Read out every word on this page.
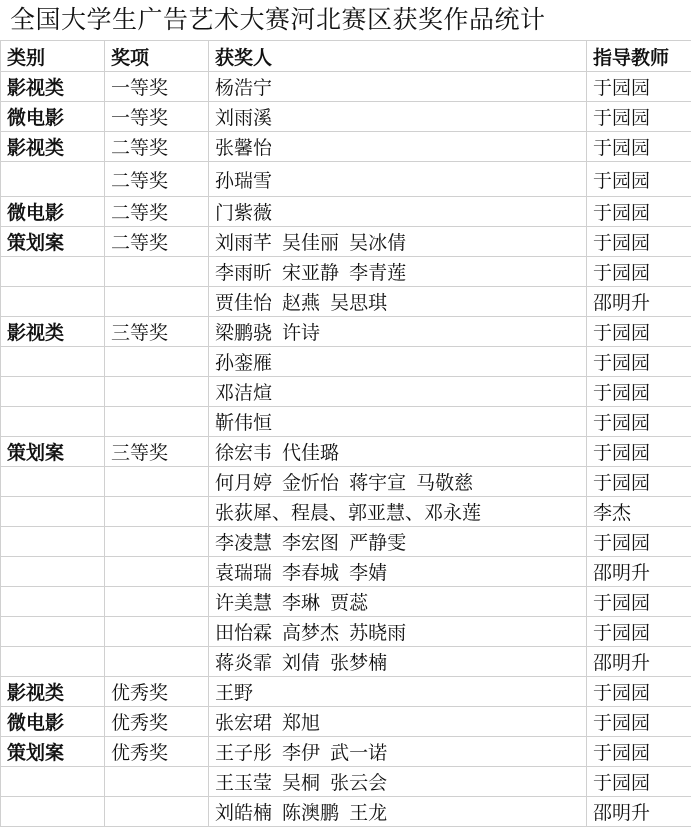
全国大学生广告艺术大赛河北赛区获奖作品统计
类别	奖项	获奖人	指导教师
影视类	一等奖	杨浩宁	于园园
微电影	一等奖	刘雨溪	于园园
影视类	二等奖	张馨怡	于园园
	二等奖	孙瑞雪	于园园
微电影	二等奖	门紫薇	于园园
策划案	二等奖	刘雨芊 吴佳丽 吴冰倩	于园园
		李雨昕 宋亚静 李青莲	于园园
		贾佳怡 赵燕 吴思琪	邵明升
影视类	三等奖	梁鹏骁 许诗	于园园
		孙銮雁	于园园
		邓洁煊	于园园
		靳伟恒	于园园
策划案	三等奖	徐宏韦 代佳璐	于园园
		何月婷 金忻怡 蒋宇宣 马敬慈	于园园
		张荻犀、程晨、郭亚慧、邓永莲	李杰
		李凌慧 李宏图 严静雯	于园园
		袁瑞瑞 李春城 李婧	邵明升
		许美慧 李琳 贾蕊	于园园
		田怡霖 高梦杰 苏晓雨	于园园
		蒋炎霏 刘倩 张梦楠	邵明升
影视类	优秀奖	王野	于园园
微电影	优秀奖	张宏珺 郑旭	于园园
策划案	优秀奖	王子彤 李伊 武一诺	于园园
		王玉莹 吴桐 张云会	于园园
		刘皓楠 陈澳鹏 王龙	邵明升
